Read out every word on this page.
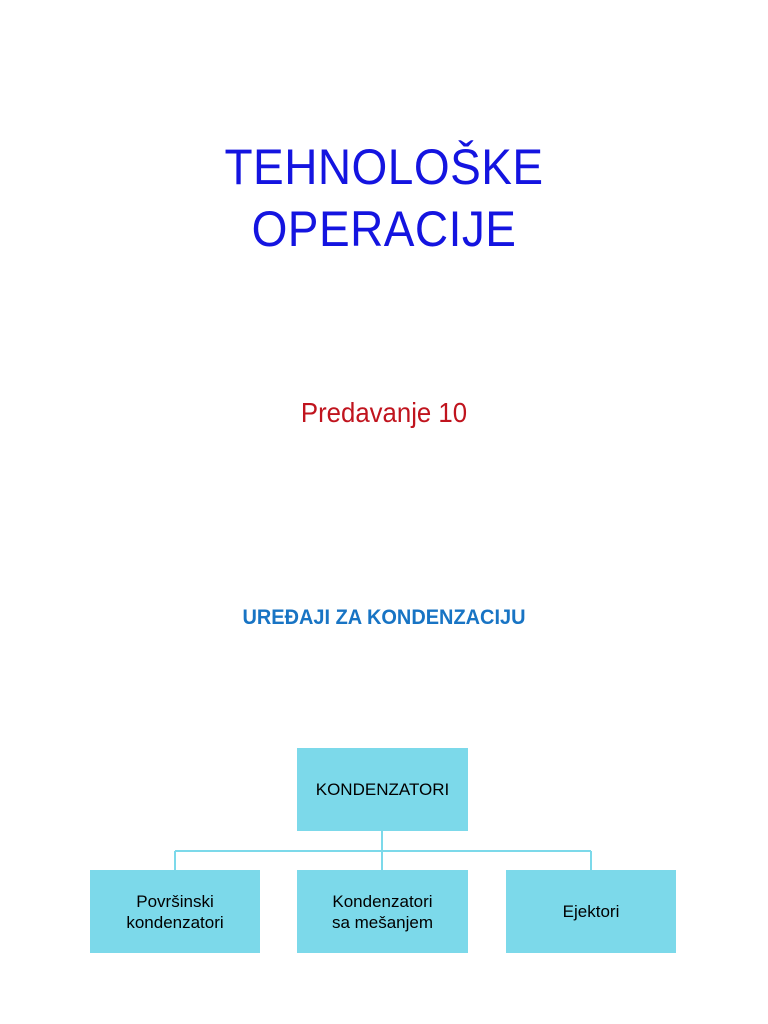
TEHNOLOŠKE
OPERACIJE
Predavanje 10
UREĐAJI ZA KONDENZACIJU
KONDENZATORI
Površinski
kondenzatori
Kondenzatori
sa mešanjem
Ejektori
